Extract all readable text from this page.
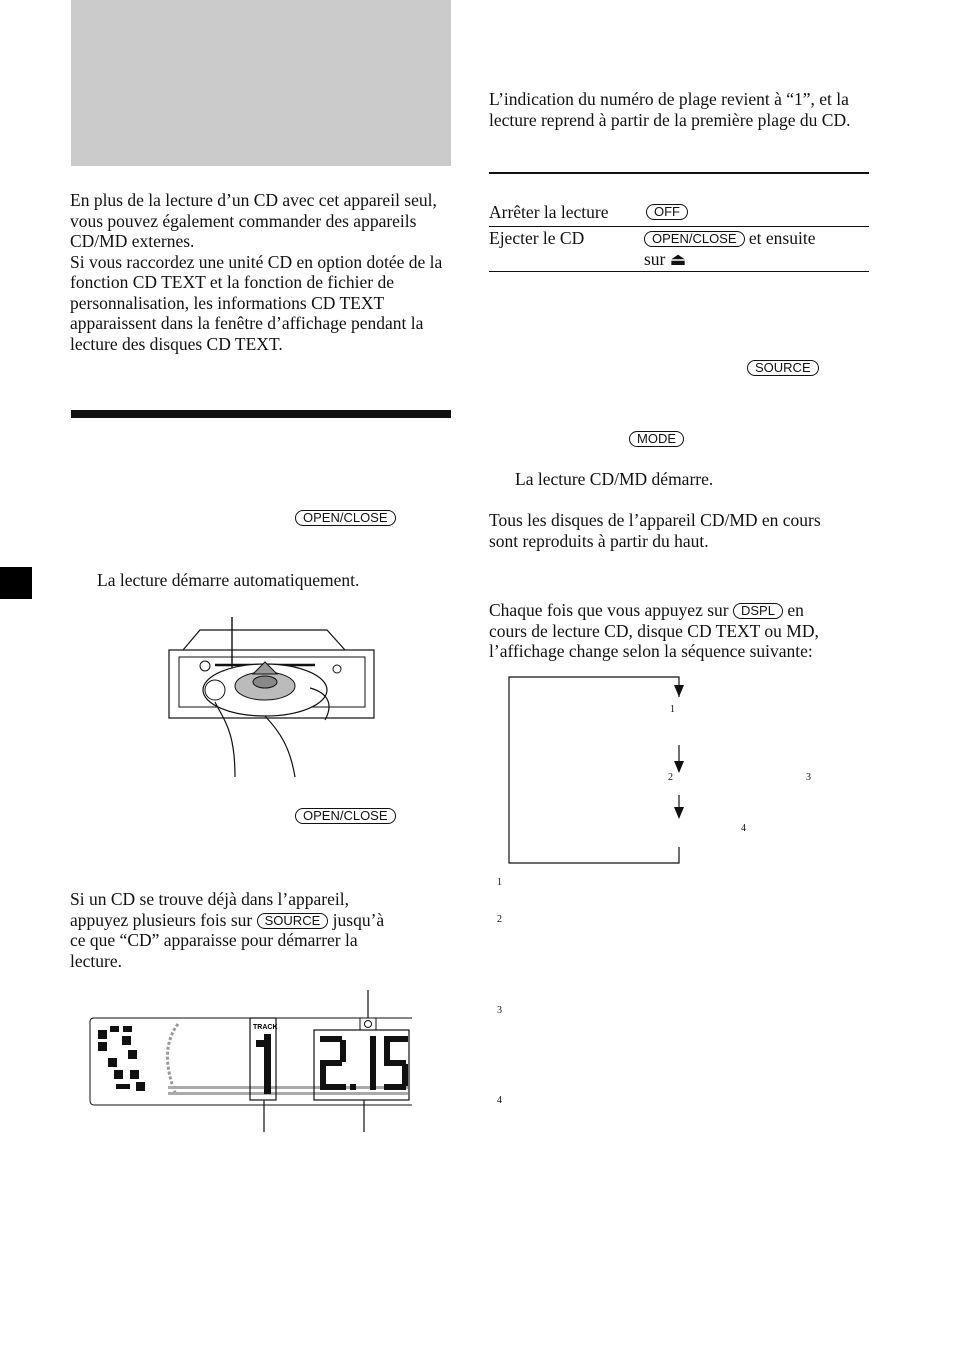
En plus de la lecture d’un CD avec cet appareil seul, vous pouvez également commander des appareils CD/MD externes.
Si vous raccordez une unité CD en option dotée de la fonction CD TEXT et la fonction de fichier de personnalisation, les informations CD TEXT apparaissent dans la fenêtre d’affichage pendant la lecture des disques CD TEXT.
OPEN/CLOSE
La lecture démarre automatiquement.
OPEN/CLOSE
Si un CD se trouve déjà dans l’appareil,
appuyez plusieurs fois sur SOURCE jusqu’à
ce que “CD” apparaisse pour démarrer la
lecture.
TRACK
L’indication du numéro de plage revient à “1”, et la lecture reprend à partir de la première plage du CD.
Arrêter la lecture	OFF
Ejecter le CD	OPEN/CLOSE et ensuite
sur ⏏
SOURCE
MODE
La lecture CD/MD démarre.
Tous les disques de l’appareil CD/MD en cours sont reproduits à partir du haut.
Chaque fois que vous appuyez sur DSPL en
cours de lecture CD, disque CD TEXT ou MD,
l’affichage change selon la séquence suivante:
1
2	3
4
1
2
3
4
